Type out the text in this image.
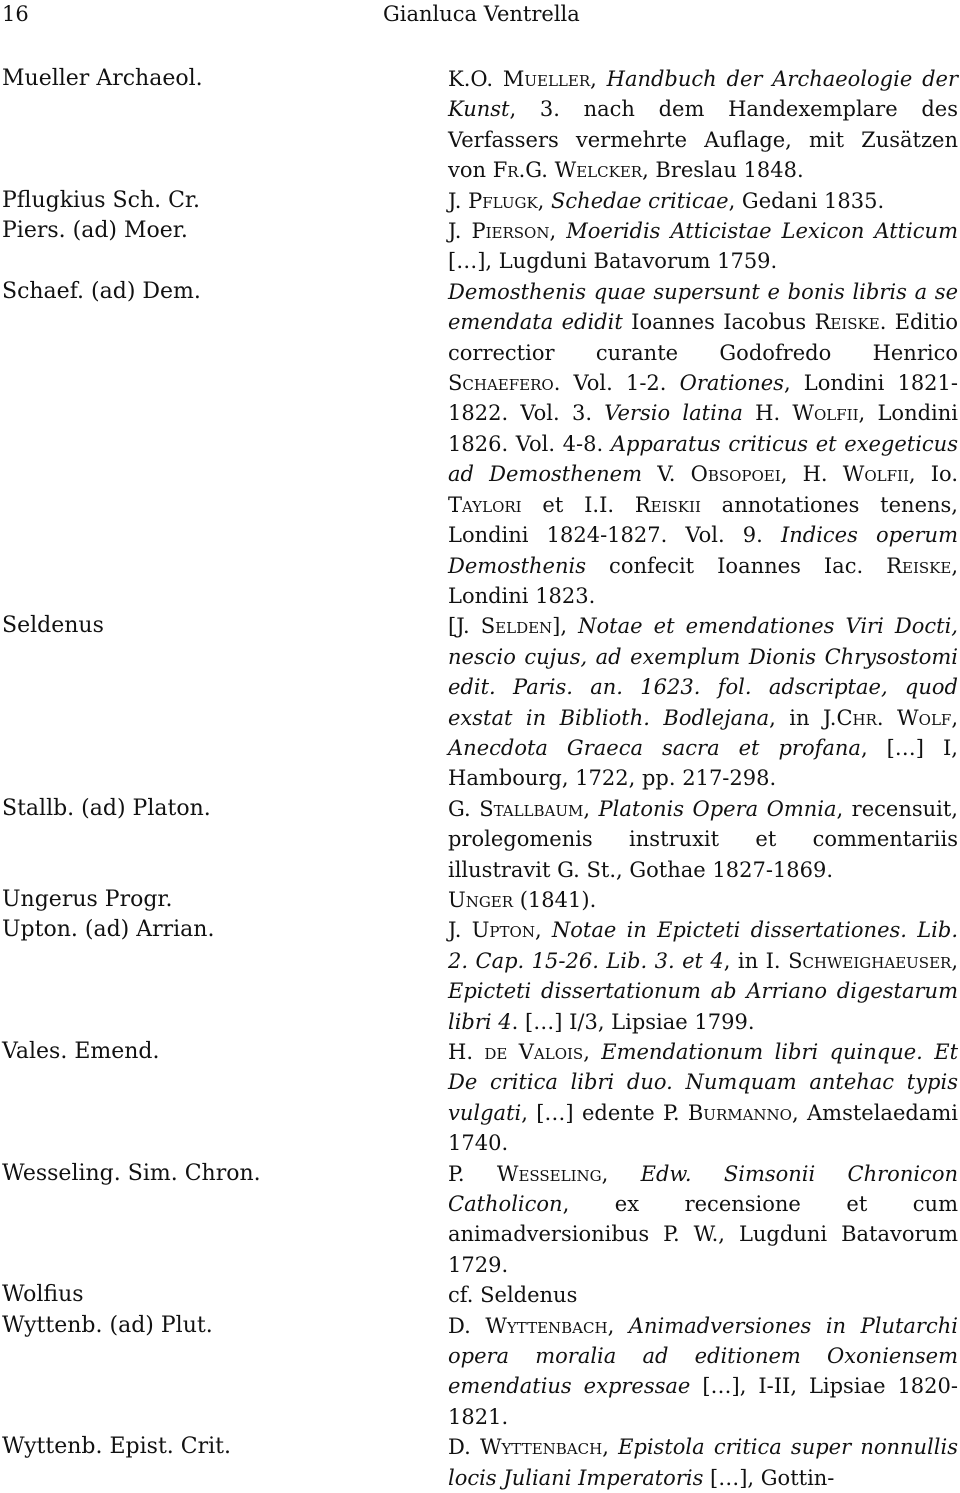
16	Gianluca Ventrella
Mueller Archaeol.	K.O. Mueller, Handbuch der Archaeologie der Kunst, 3. nach dem Handexemplare des Verfassers vermehrte Auflage, mit Zusätzen von Fr.G. Welcker, Breslau 1848.
Pflugkius Sch. Cr.	J. Pflugk, Schedae criticae, Gedani 1835.
Piers. (ad) Moer.	J. Pierson, Moeridis Atticistae Lexicon Atticum […], Lugduni Batavorum 1759.
Schaef. (ad) Dem.	Demosthenis quae supersunt e bonis libris a se emendata edidit Ioannes Iacobus Reiske. Editio correctior curante Godofredo Henrico Schaefero. Vol. 1-2. Orationes, Londini 1821-1822. Vol. 3. Versio latina H. Wolfii, Londini 1826. Vol. 4-8. Apparatus criticus et exegeticus ad Demosthenem V. Obsopoei, H. Wolfii, Io. Taylori et I.I. Reiskii annotationes tenens, Londini 1824-1827. Vol. 9. Indices operum Demosthenis confecit Ioannes Iac. Reiske, Londini 1823.
Seldenus	[J. Selden], Notae et emendationes Viri Docti, nescio cujus, ad exemplum Dionis Chrysostomi edit. Paris. an. 1623. fol. adscriptae, quod exstat in Biblioth. Bodlejana, in J.Chr. Wolf, Anecdota Graeca sacra et profana, […] I, Hambourg, 1722, pp. 217-298.
Stallb. (ad) Platon.	G. Stallbaum, Platonis Opera Omnia, recensuit, prolegomenis instruxit et commentariis illustravit G. St., Gothae 1827-1869.
Ungerus Progr.	Unger (1841).
Upton. (ad) Arrian.	J. Upton, Notae in Epicteti dissertationes. Lib. 2. Cap. 15-26. Lib. 3. et 4, in I. Schweighaeuser, Epicteti dissertationum ab Arriano digestarum libri 4. […] I/3, Lipsiae 1799.
Vales. Emend.	H. de Valois, Emendationum libri quinque. Et De critica libri duo. Numquam antehac typis vulgati, […] edente P. Burmanno, Amstelaedami 1740.
Wesseling. Sim. Chron.	P. Wesseling, Edw. Simsonii Chronicon Catholicon, ex recensione et cum animadversionibus P. W., Lugduni Batavorum 1729.
Wolfius	cf. Seldenus
Wyttenb. (ad) Plut.	D. Wyttenbach, Animadversiones in Plutarchi opera moralia ad editionem Oxoniensem emendatius expressae […], I-II, Lipsiae 1820-1821.
Wyttenb. Epist. Crit.	D. Wyttenbach, Epistola critica super nonnullis locis Juliani Imperatoris […], Gottin-
